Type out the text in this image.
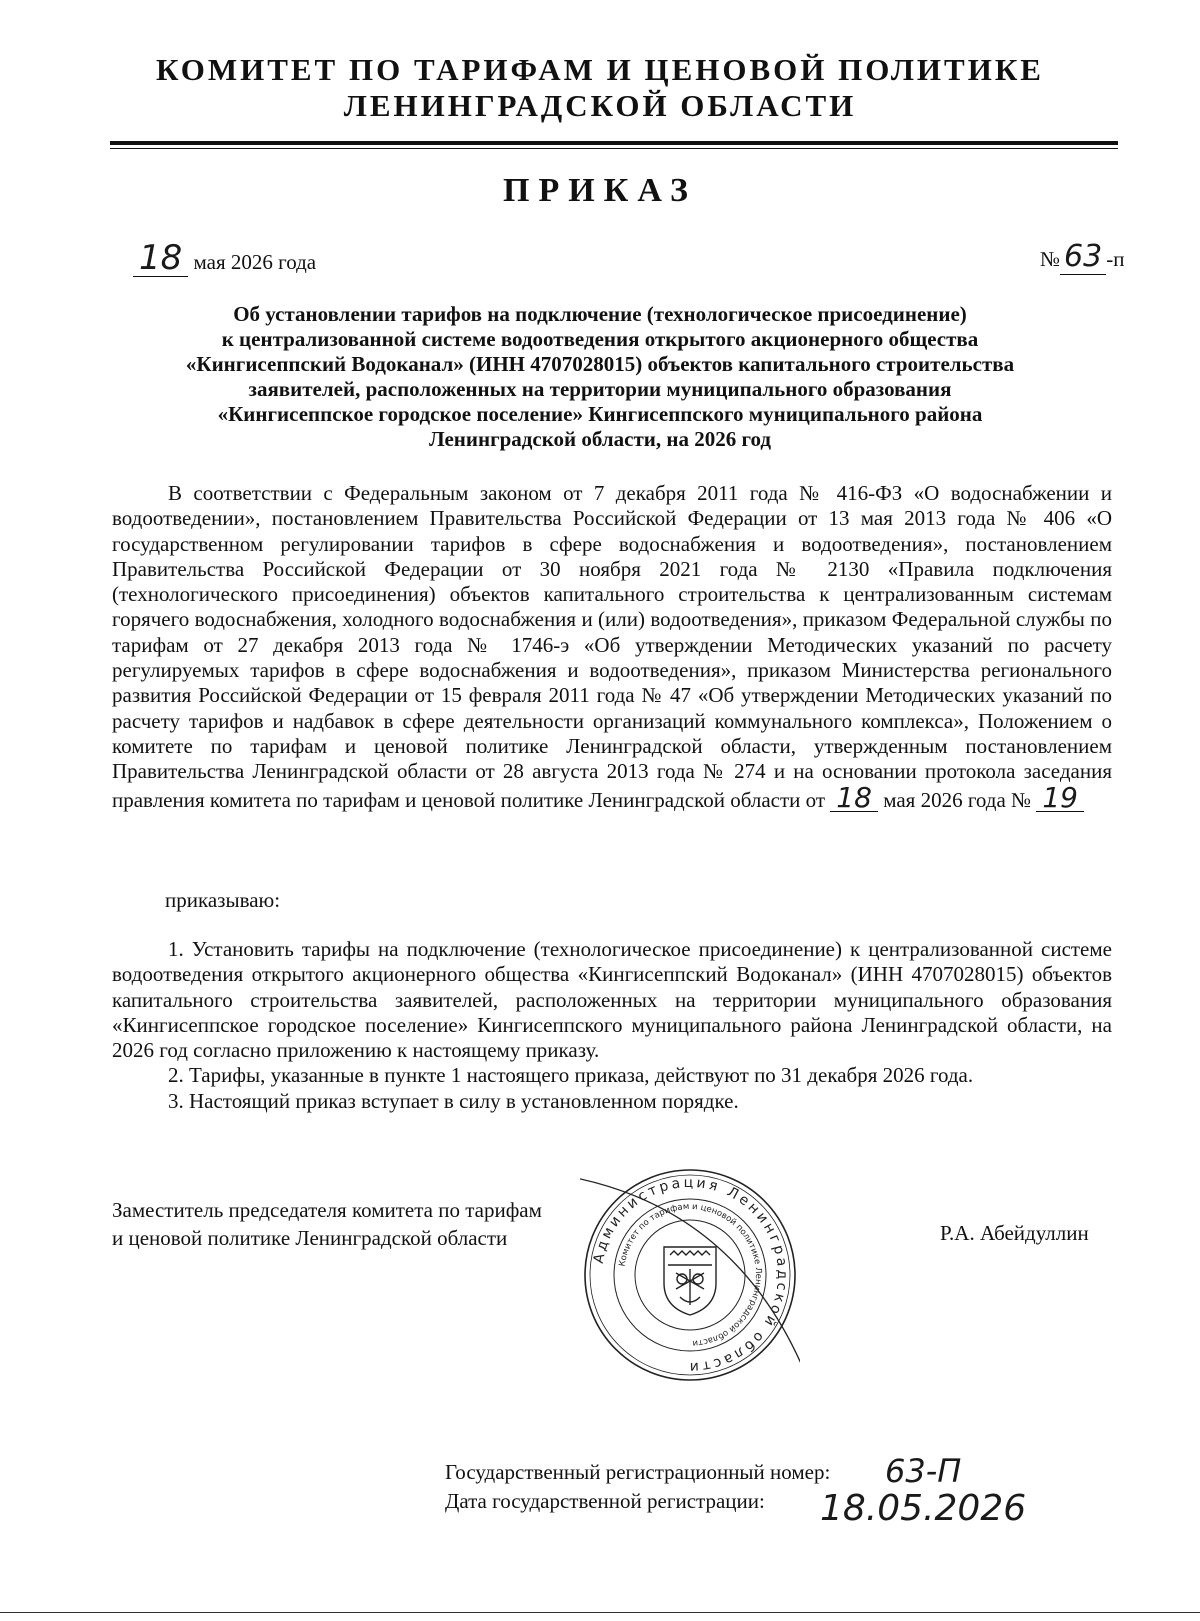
КОМИТЕТ ПО ТАРИФАМ И ЦЕНОВОЙ ПОЛИТИКЕ
ЛЕНИНГРАДСКОЙ ОБЛАСТИ
ПРИКАЗ
18 мая 2026 года	№ 63 -п
Об установлении тарифов на подключение (технологическое присоединение)
к централизованной системе водоотведения открытого акционерного общества
«Кингисеппский Водоканал» (ИНН 4707028015) объектов капитального строительства
заявителей, расположенных на территории муниципального образования
«Кингисеппское городское поселение» Кингисеппского муниципального района
Ленинградской области, на 2026 год
В соответствии с Федеральным законом от 7 декабря 2011 года № 416-ФЗ «О водоснабжении и водоотведении», постановлением Правительства Российской Федерации от 13 мая 2013 года № 406 «О государственном регулировании тарифов в сфере водоснабжения и водоотведения», постановлением Правительства Российской Федерации от 30 ноября 2021 года № 2130 «Правила подключения (технологического присоединения) объектов капитального строительства к централизованным системам горячего водоснабжения, холодного водоснабжения и (или) водоотведения», приказом Федеральной службы по тарифам от 27 декабря 2013 года № 1746-э «Об утверждении Методических указаний по расчету регулируемых тарифов в сфере водоснабжения и водоотведения», приказом Министерства регионального развития Российской Федерации от 15 февраля 2011 года № 47 «Об утверждении Методических указаний по расчету тарифов и надбавок в сфере деятельности организаций коммунального комплекса», Положением о комитете по тарифам и ценовой политике Ленинградской области, утвержденным постановлением Правительства Ленинградской области от 28 августа 2013 года № 274 и на основании протокола заседания правления комитета по тарифам и ценовой политике Ленинградской области от 18 мая 2026 года № 19
приказываю:

1. Установить тарифы на подключение (технологическое присоединение) к централизованной системе водоотведения открытого акционерного общества «Кингисеппский Водоканал» (ИНН 4707028015) объектов капитального строительства заявителей, расположенных на территории муниципального образования «Кингисеппское городское поселение» Кингисеппского муниципального района Ленинградской области, на 2026 год согласно приложению к настоящему приказу.

2. Тарифы, указанные в пункте 1 настоящего приказа, действуют по 31 декабря 2026 года.

3. Настоящий приказ вступает в силу в установленном порядке.

Заместитель председателя комитета по тарифам
и ценовой политике Ленинградской области	Р.А. Абейдуллин
Администрация Ленинградской области
Комитет по тарифам и ценовой политике Ленинградской области
Государственный регистрационный номер: 63-П
Дата государственной регистрации: 18.05.2026
